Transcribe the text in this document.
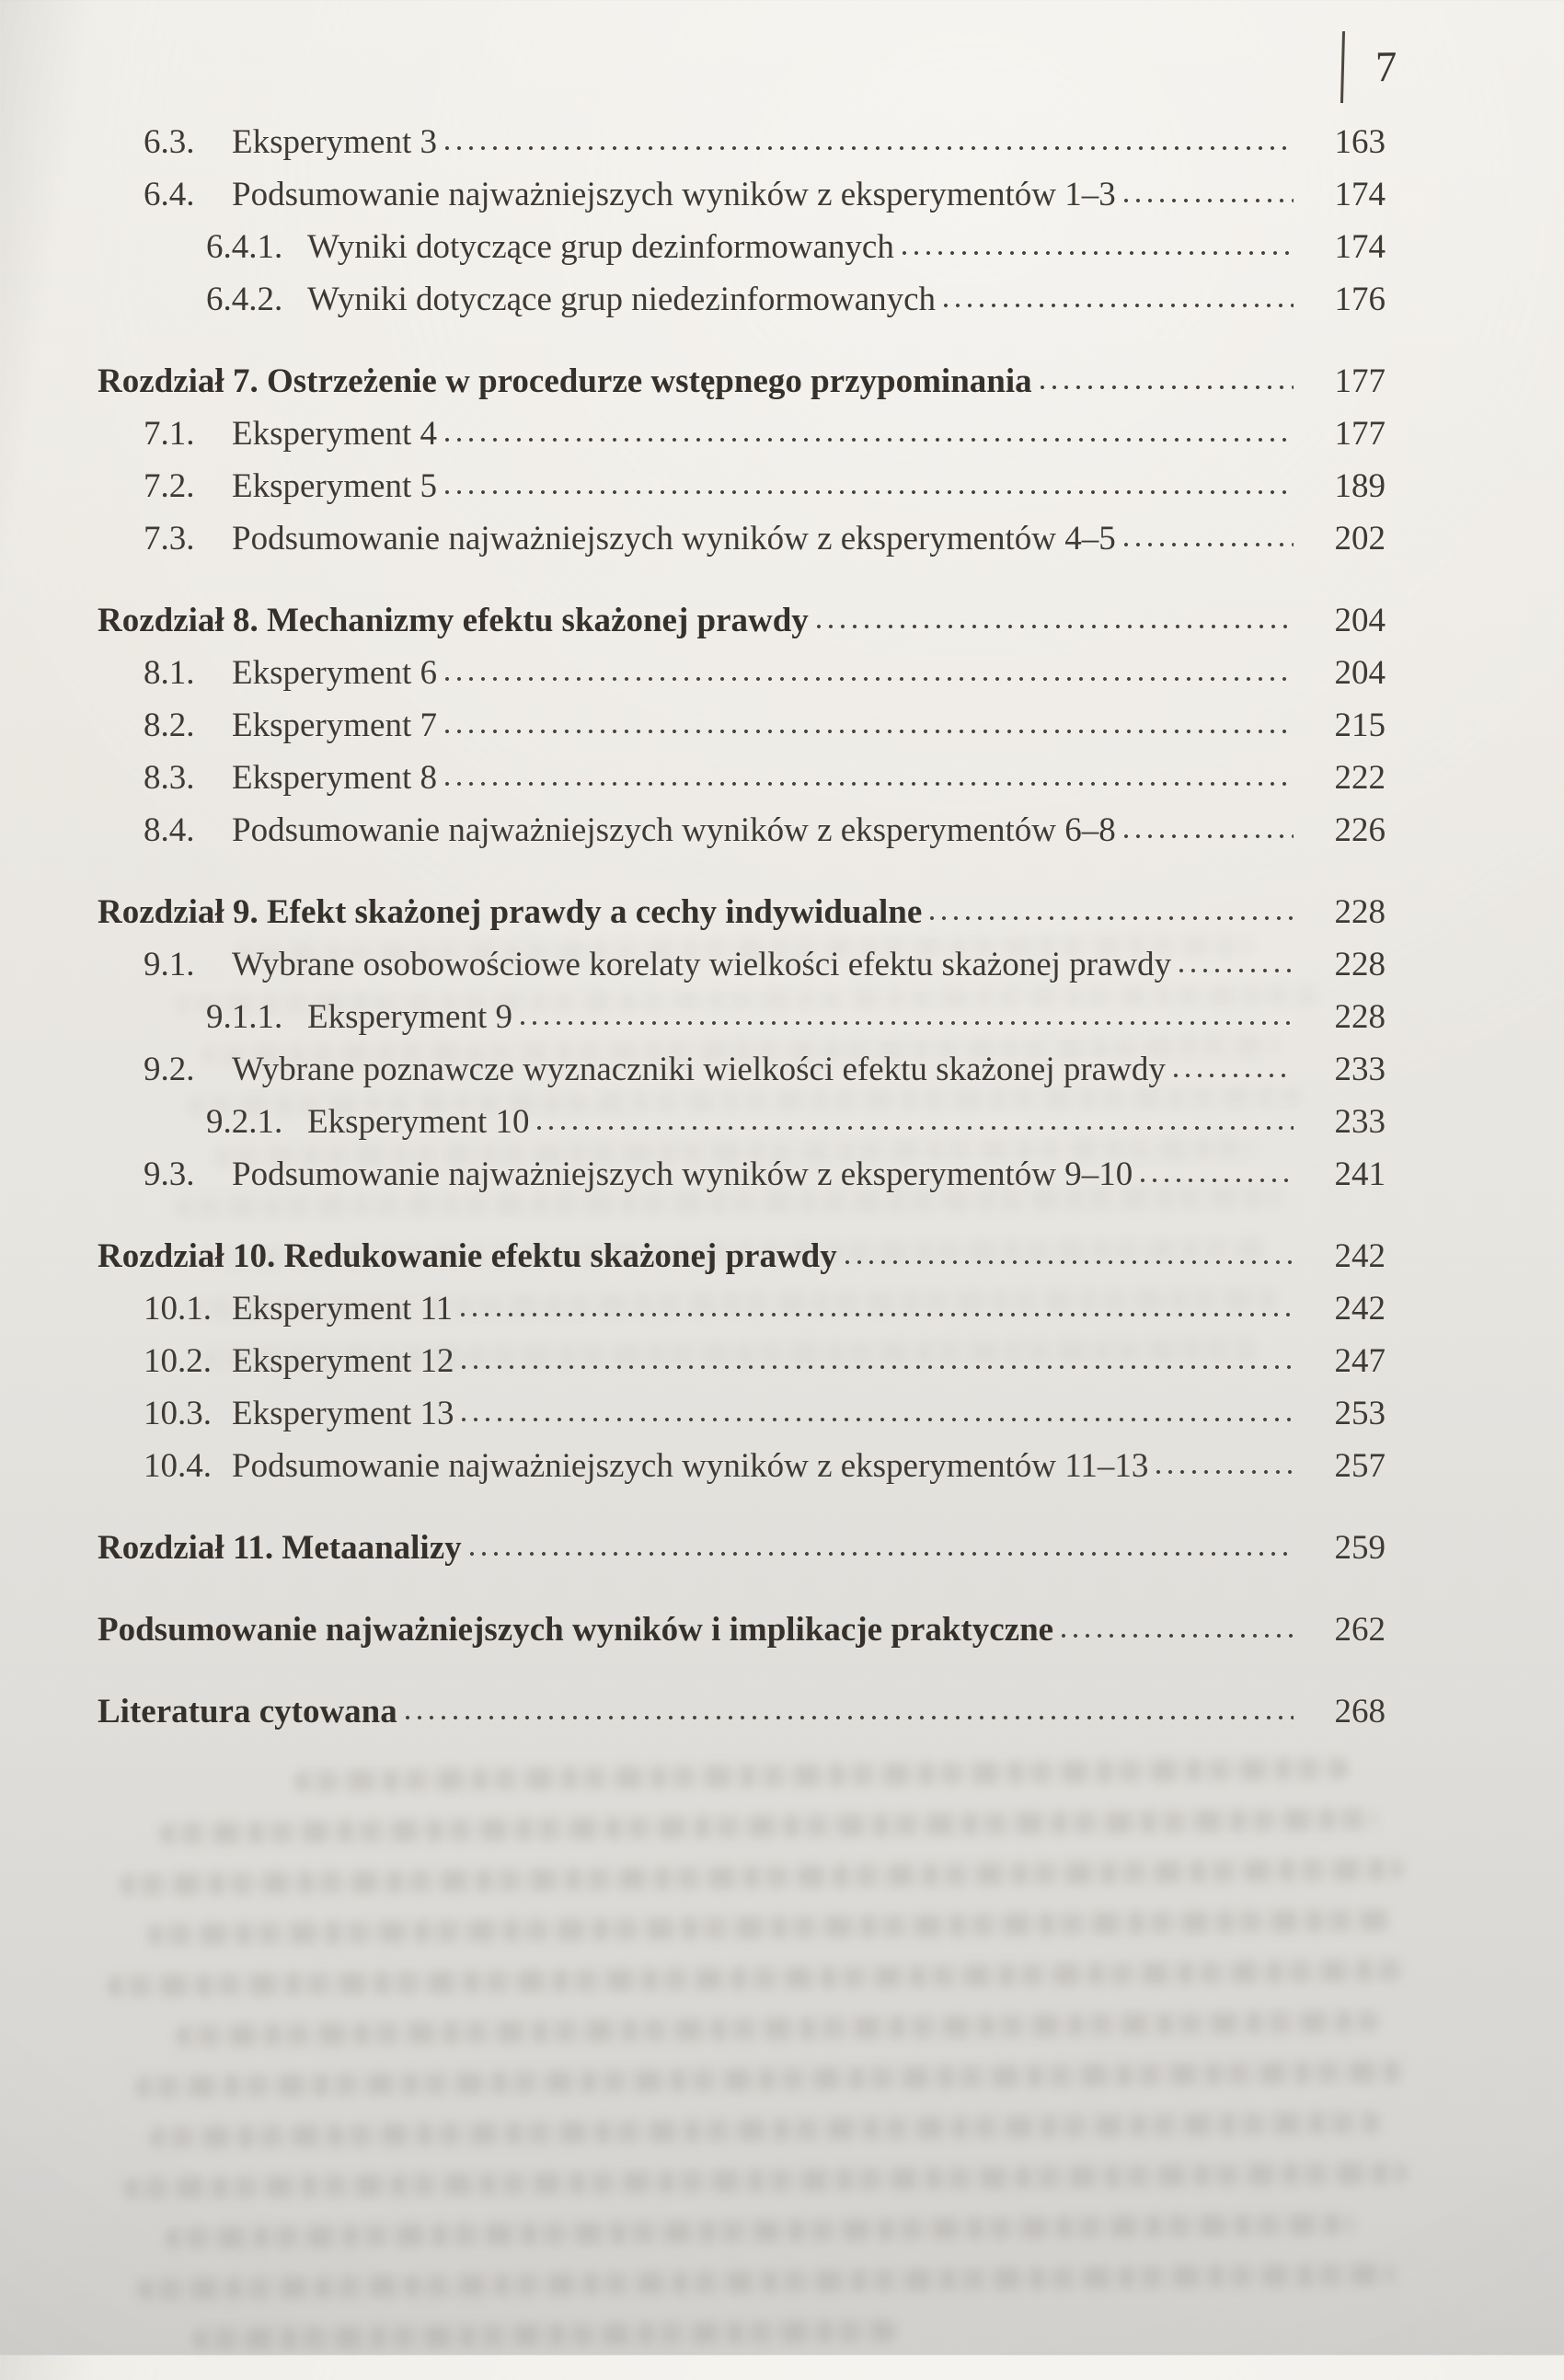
7
6.3.	Eksperyment 3	163
6.4.	Podsumowanie najważniejszych wyników z eksperymentów 1–3	174
6.4.1. Wyniki dotyczące grup dezinformowanych	174
6.4.2. Wyniki dotyczące grup niedezinformowanych	176
Rozdział 7. Ostrzeżenie w procedurze wstępnego przypominania	177
7.1.	Eksperyment 4	177
7.2.	Eksperyment 5	189
7.3.	Podsumowanie najważniejszych wyników z eksperymentów 4–5	202
Rozdział 8. Mechanizmy efektu skażonej prawdy	204
8.1.	Eksperyment 6	204
8.2.	Eksperyment 7	215
8.3.	Eksperyment 8	222
8.4.	Podsumowanie najważniejszych wyników z eksperymentów 6–8	226
Rozdział 9. Efekt skażonej prawdy a cechy indywidualne	228
9.1.	Wybrane osobowościowe korelaty wielkości efektu skażonej prawdy	228
9.1.1. Eksperyment 9	228
9.2.	Wybrane poznawcze wyznaczniki wielkości efektu skażonej prawdy	233
9.2.1. Eksperyment 10	233
9.3.	Podsumowanie najważniejszych wyników z eksperymentów 9–10	241
Rozdział 10. Redukowanie efektu skażonej prawdy	242
10.1. Eksperyment 11	242
10.2. Eksperyment 12	247
10.3. Eksperyment 13	253
10.4. Podsumowanie najważniejszych wyników z eksperymentów 11–13	257
Rozdział 11. Metaanalizy	259
Podsumowanie najważniejszych wyników i implikacje praktyczne	262
Literatura cytowana	268
